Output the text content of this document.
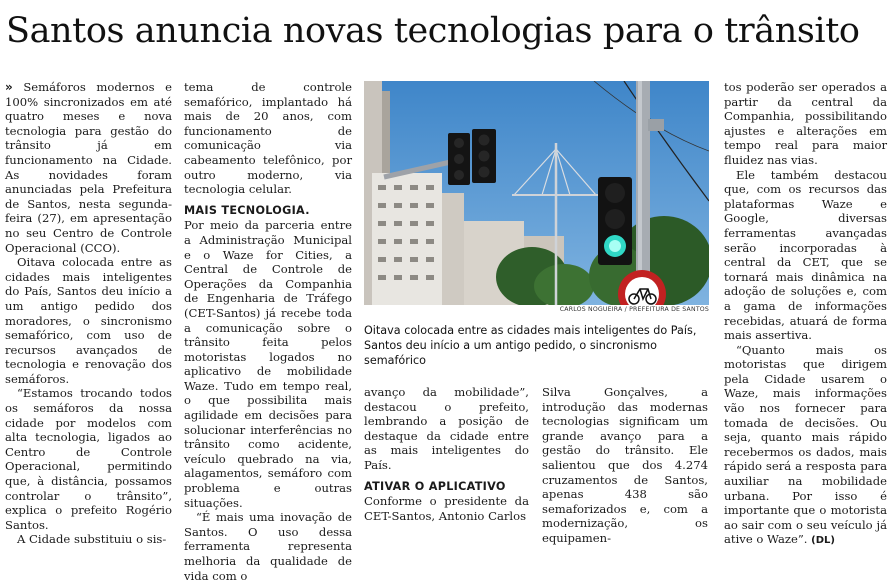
Santos anuncia novas tecnologias para o trânsito

» Semáforos modernos e 100% sincronizados em até quatro meses e nova tecnologia para gestão do trânsito já em funcionamento na Cidade. As novidades foram anunciadas pela Prefeitura de Santos, nesta segunda-feira (27), em apresentação no seu Centro de Controle Operacional (CCO).

Oitava colocada entre as cidades mais inteligentes do País, Santos deu início a um antigo pedido dos moradores, o sincronismo semafórico, com uso de recursos avançados de tecnologia e renovação dos semáforos.

“Estamos trocando todos os semáforos da nossa cidade por modelos com alta tecnologia, ligados ao Centro de Controle Operacional, permitindo que, à distância, possamos controlar o trânsito”, explica o prefeito Rogério Santos.

A Cidade substituiu o sis-

tema de controle semafórico, implantado há mais de 20 anos, com funcionamento de comunicação via cabeamento telefônico, por outro moderno, via tecnologia celular.

MAIS TECNOLOGIA.

Por meio da parceria entre a Administração Municipal e o Waze for Cities, a Central de Controle de Operações da Companhia de Engenharia de Tráfego (CET-Santos) já recebe toda a comunicação sobre o trânsito feita pelos motoristas logados no aplicativo de mobilidade Waze. Tudo em tempo real, o que possibilita mais agilidade em decisões para solucionar interferências no trânsito como acidente, veículo quebrado na via, alagamentos, semáforo com problema e outras situações.

“É mais uma inovação de Santos. O uso dessa ferramenta representa melhoria da qualidade de vida com o

CARLOS NOGUEIRA / PREFEITURA DE SANTOS
Oitava colocada entre as cidades mais inteligentes do País, Santos deu início a um antigo pedido, o sincronismo semafórico

avanço da mobilidade”, destacou o prefeito, lembrando a posição de destaque da cidade entre as mais inteligentes do País.

ATIVAR O APLICATIVO

Conforme o presidente da CET-Santos, Antonio Carlos

Silva Gonçalves, a introdução das modernas tecnologias significam um grande avanço para a gestão do trânsito. Ele salientou que dos 4.274 cruzamentos de Santos, apenas 438 são semaforizados e, com a modernização, os equipamen-

tos poderão ser operados a partir da central da Companhia, possibilitando ajustes e alterações em tempo real para maior fluidez nas vias.

Ele também destacou que, com os recursos das plataformas Waze e Google, diversas ferramentas avançadas serão incorporadas à central da CET, que se tornará mais dinâmica na adoção de soluções e, com a gama de informações recebidas, atuará de forma mais assertiva.

“Quanto mais os motoristas que dirigem pela Cidade usarem o Waze, mais informações vão nos fornecer para tomada de decisões. Ou seja, quanto mais rápido recebermos os dados, mais rápido será a resposta para auxiliar na mobilidade urbana. Por isso é importante que o motorista ao sair com o seu veículo já ative o Waze”. (DL)
